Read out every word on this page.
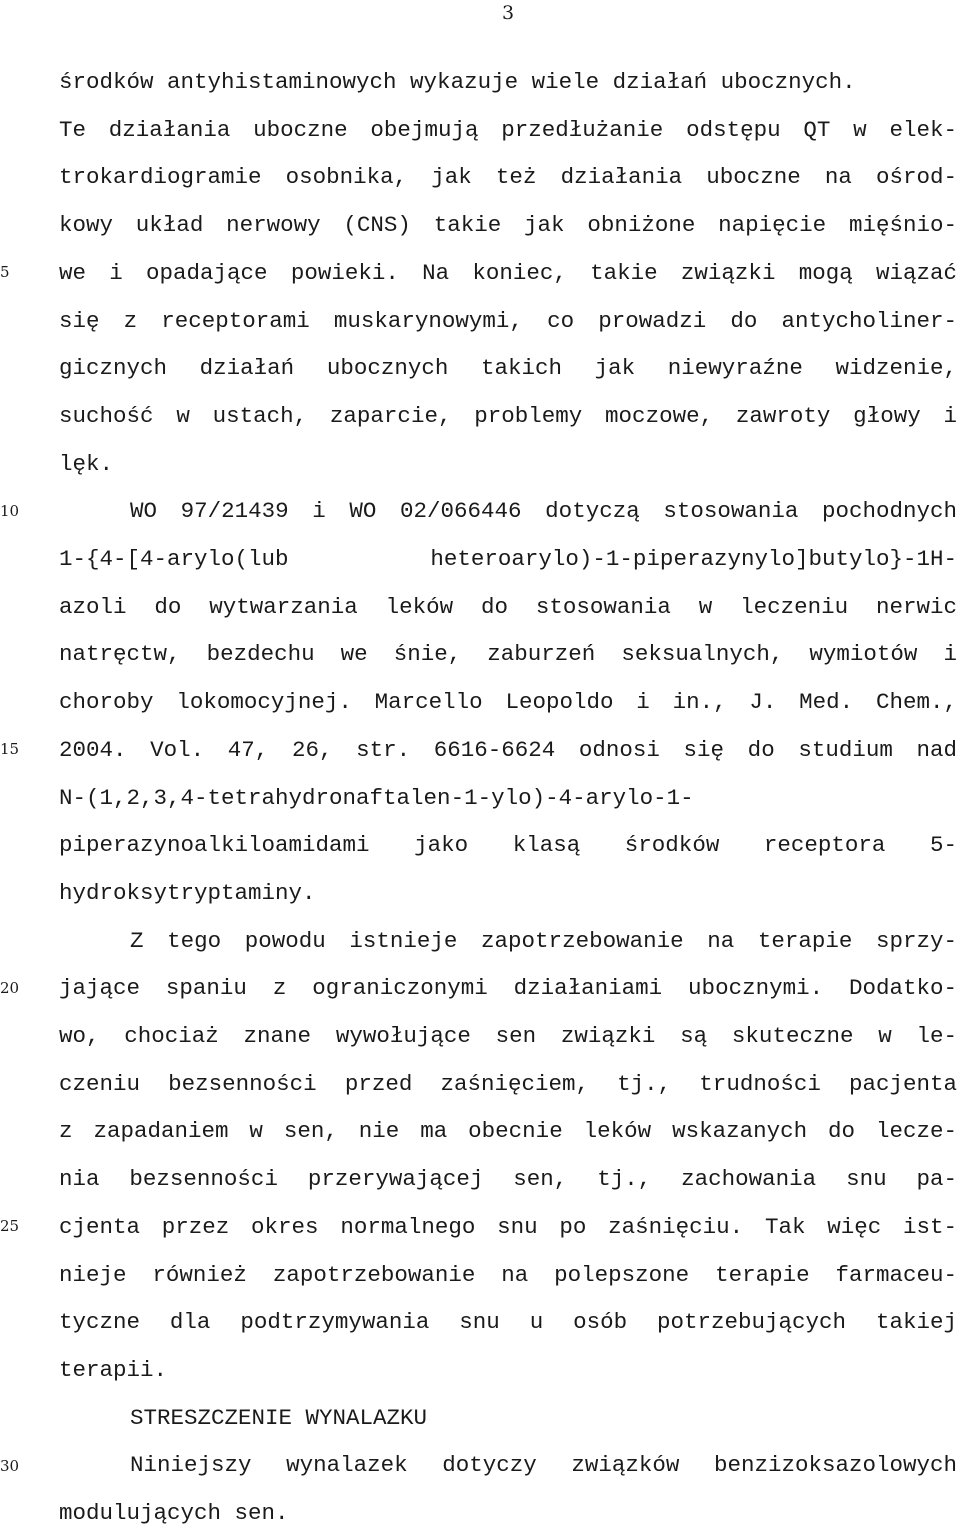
3
5
10
15
20
25
30
środków antyhistaminowych wykazuje wiele działań ubocznych.
Te działania uboczne obejmują przedłużanie odstępu QT w elek-
trokardiogramie osobnika, jak też działania uboczne na ośrod-
kowy układ nerwowy (CNS) takie jak obniżone napięcie mięśnio-
we i opadające powieki. Na koniec, takie związki mogą wiązać
się z receptorami muskarynowymi, co prowadzi do antycholiner-
gicznych działań ubocznych takich jak niewyraźne widzenie,
suchość w ustach, zaparcie, problemy moczowe, zawroty głowy i
lęk.
WO 97/21439 i WO 02/066446 dotyczą stosowania pochodnych
1-{4-[4-arylo(lub heteroarylo)-1-piperazynylo]butylo}-1H-
azoli do wytwarzania leków do stosowania w leczeniu nerwic
natręctw, bezdechu we śnie, zaburzeń seksualnych, wymiotów i
choroby lokomocyjnej. Marcello Leopoldo i in., J. Med. Chem.,
2004. Vol. 47, 26, str. 6616-6624 odnosi się do studium nad
N-(1,2,3,4-tetrahydronaftalen-1-ylo)-4-arylo-1-
piperazynoalkiloamidami jako klasą środków receptora 5-
hydroksytryptaminy.
Z tego powodu istnieje zapotrzebowanie na terapie sprzy-
jające spaniu z ograniczonymi działaniami ubocznymi. Dodatko-
wo, chociaż znane wywołujące sen związki są skuteczne w le-
czeniu bezsenności przed zaśnięciem, tj., trudności pacjenta
z zapadaniem w sen, nie ma obecnie leków wskazanych do lecze-
nia bezsenności przerywającej sen, tj., zachowania snu pa-
cjenta przez okres normalnego snu po zaśnięciu. Tak więc ist-
nieje również zapotrzebowanie na polepszone terapie farmaceu-
tyczne dla podtrzymywania snu u osób potrzebujących takiej
terapii.
STRESZCZENIE WYNALAZKU
Niniejszy wynalazek dotyczy związków benzizoksazolowych
modulujących sen.
